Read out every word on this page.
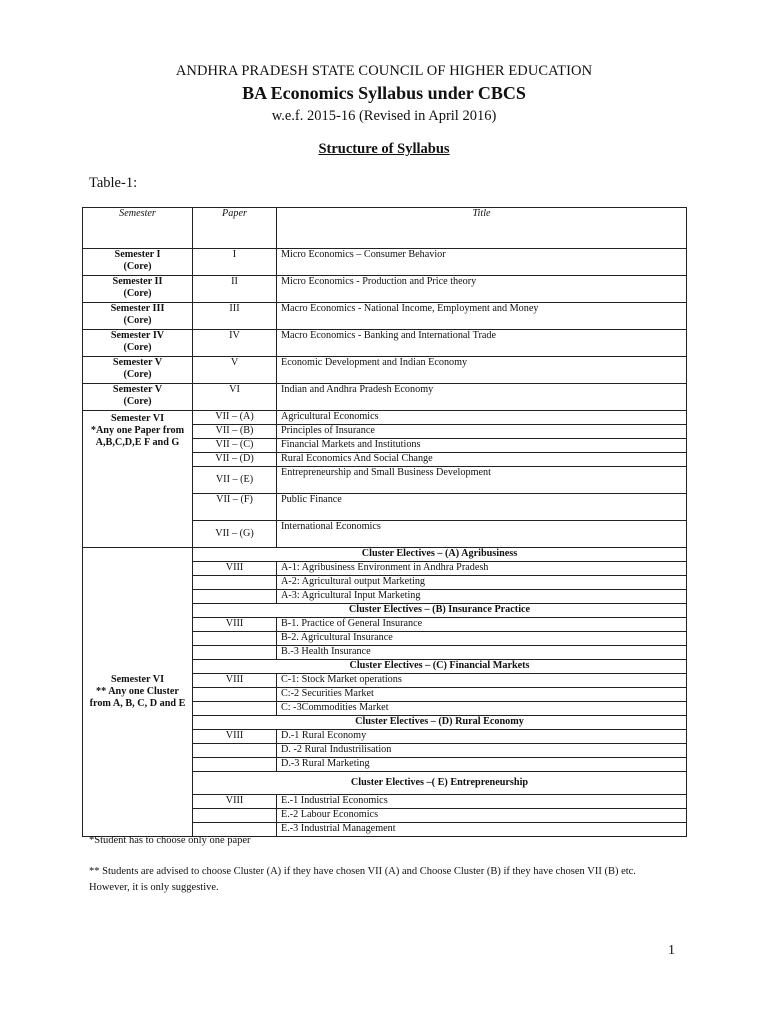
ANDHRA PRADESH STATE COUNCIL OF HIGHER EDUCATION
BA Economics Syllabus under CBCS
w.e.f. 2015-16 (Revised in April 2016)
Structure of Syllabus
Table-1:
Semester	Paper	Title
Semester I
(Core)	I	Micro Economics – Consumer Behavior
Semester II
(Core)	II	Micro Economics - Production and Price theory
Semester III
(Core)	III	Macro Economics - National Income, Employment and Money
Semester IV
(Core)	IV	Macro Economics - Banking and International Trade
Semester V
(Core)	V	Economic Development and Indian Economy
Semester V
(Core)	VI	Indian and Andhra Pradesh Economy
Semester VI
*Any one Paper from A,B,C,D,E F and G	VII – (A)	Agricultural Economics
	VII – (B)	Principles of Insurance
	VII – (C)	Financial Markets and Institutions
	VII – (D)	Rural Economics And Social Change
	VII – (E)	Entrepreneurship and Small Business Development
	VII – (F)	Public Finance
	VII – (G)	International Economics
Semester VI
** Any one Cluster from A, B, C, D and E	Cluster Electives – (A) Agribusiness	
	VIII	A-1: Agribusiness Environment in Andhra Pradesh
		A-2: Agricultural output Marketing
		A-3: Agricultural Input Marketing
	Cluster Electives – (B) Insurance Practice	
	VIII	B-1. Practice of General Insurance
		B-2. Agricultural Insurance
		B.-3 Health Insurance
	Cluster Electives – (C) Financial Markets	
	VIII	C-1: Stock Market operations
		C:-2 Securities Market
		C: -3Commodities Market
	Cluster Electives – (D) Rural Economy	
	VIII	D.-1 Rural Economy
		D. -2 Rural Industrilisation
		D.-3 Rural Marketing
	Cluster Electives –( E) Entrepreneurship	
	VIII	E.-1 Industrial Economics
		E.-2 Labour Economics
		E.-3 Industrial Management
*Student has to choose only one paper
** Students are advised to choose Cluster (A) if they have chosen VII (A) and Choose Cluster (B) if they have chosen VII (B) etc. However, it is only suggestive.
1
